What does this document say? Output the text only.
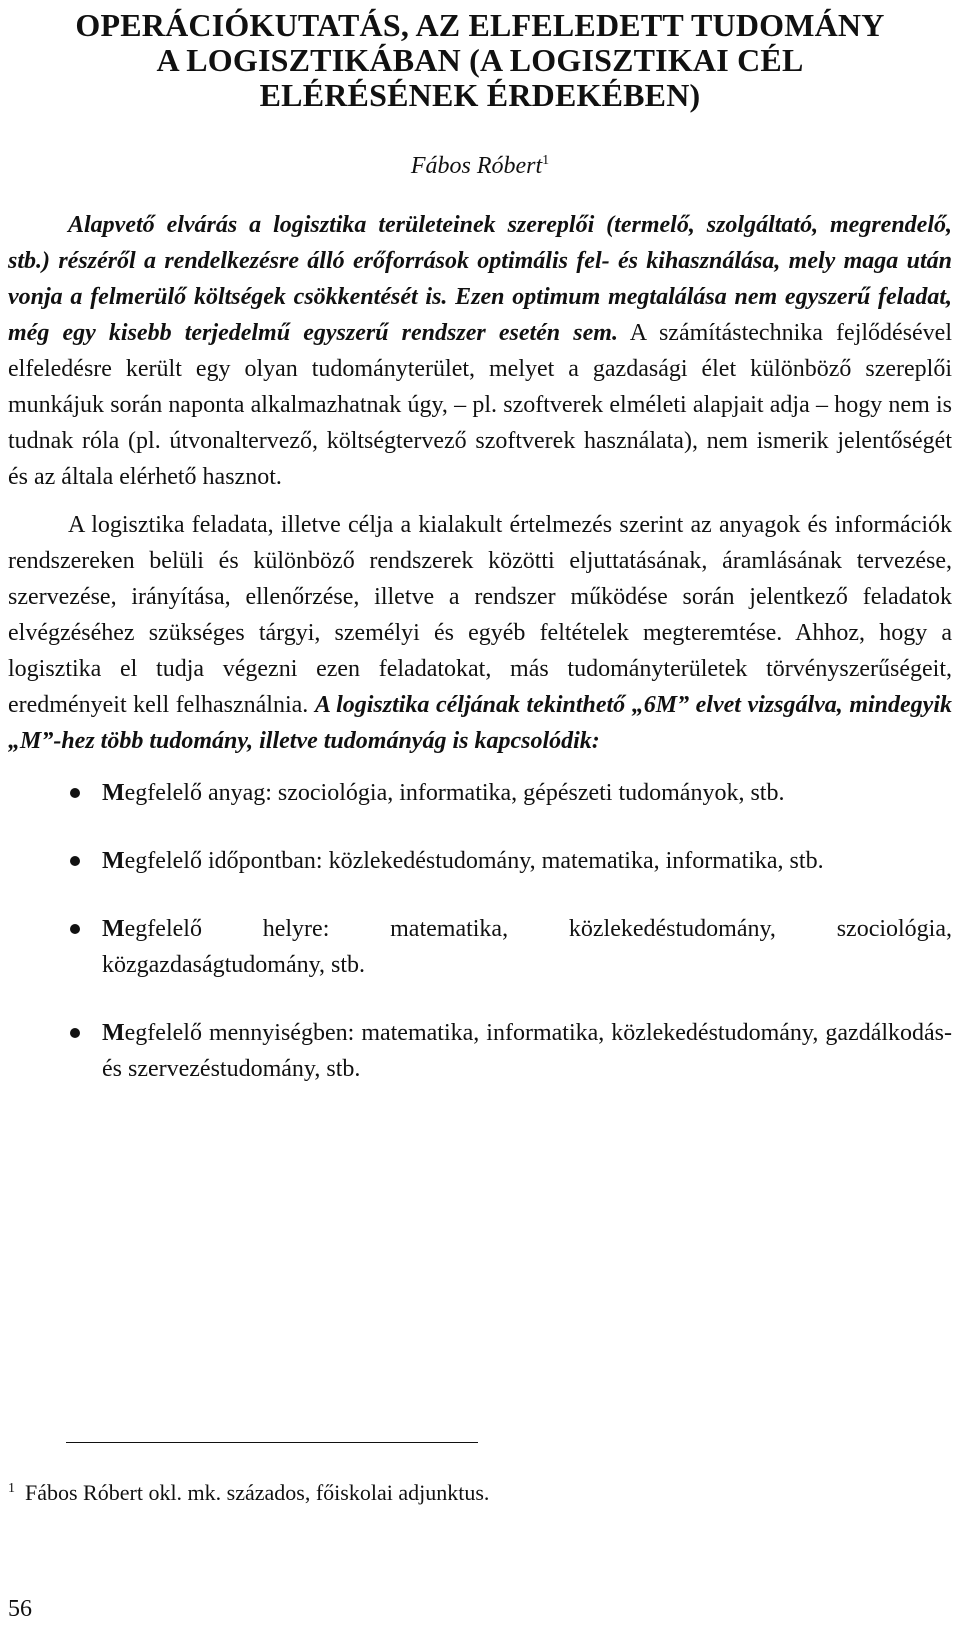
OPERÁCIÓKUTATÁS, AZ ELFELEDETT TUDOMÁNY
A LOGISZTIKÁBAN (A LOGISZTIKAI CÉL
ELÉRÉSÉNEK ÉRDEKÉBEN)
Fábos Róbert$^1$

Alapvető elvárás a logisztika területeinek szereplői (termelő, szolgáltató, megrendelő, stb.) részéről a rendelkezésre álló erőforrások optimális fel- és kihasználása, mely maga után vonja a felmerülő költségek csökkentését is. Ezen optimum megtalálása nem egyszerű feladat, még egy kisebb terjedelmű egyszerű rendszer esetén sem. A számítástechnika fejlődésével elfeledésre került egy olyan tudományterület, melyet a gazdasági élet különböző szereplői munkájuk során naponta alkalmazhatnak úgy, – pl. szoftverek elméleti alapjait adja – hogy nem is tudnak róla (pl. útvonaltervező, költségtervező szoftverek használata), nem ismerik jelentőségét és az általa elérhető hasznot.

A logisztika feladata, illetve célja a kialakult értelmezés szerint az anyagok és információk rendszereken belüli és különböző rendszerek közötti eljuttatásának, áramlásának tervezése, szervezése, irányítása, ellenőrzése, illetve a rendszer működése során jelentkező feladatok elvégzéséhez szükséges tárgyi, személyi és egyéb feltételek megteremtése. Ahhoz, hogy a logisztika el tudja végezni ezen feladatokat, más tudományterületek törvényszerűségeit, eredményeit kell felhasználnia. A logisztika céljának tekinthető „6M” elvet vizsgálva, mindegyik „M”-hez több tudomány, illetve tudományág is kapcsolódik:

Megfelelő anyag: szociológia, informatika, gépészeti tudományok, stb.
Megfelelő időpontban: közlekedéstudomány, matematika, informatika, stb.
Megfelelő helyre: matematika, közlekedéstudomány, szociológia, közgazdaságtudomány, stb.
Megfelelő mennyiségben: matematika, informatika, közlekedéstudomány, gazdálkodás- és szervezéstudomány, stb.
$^1$ Fábos Róbert okl. mk. százados, főiskolai adjunktus.
56
